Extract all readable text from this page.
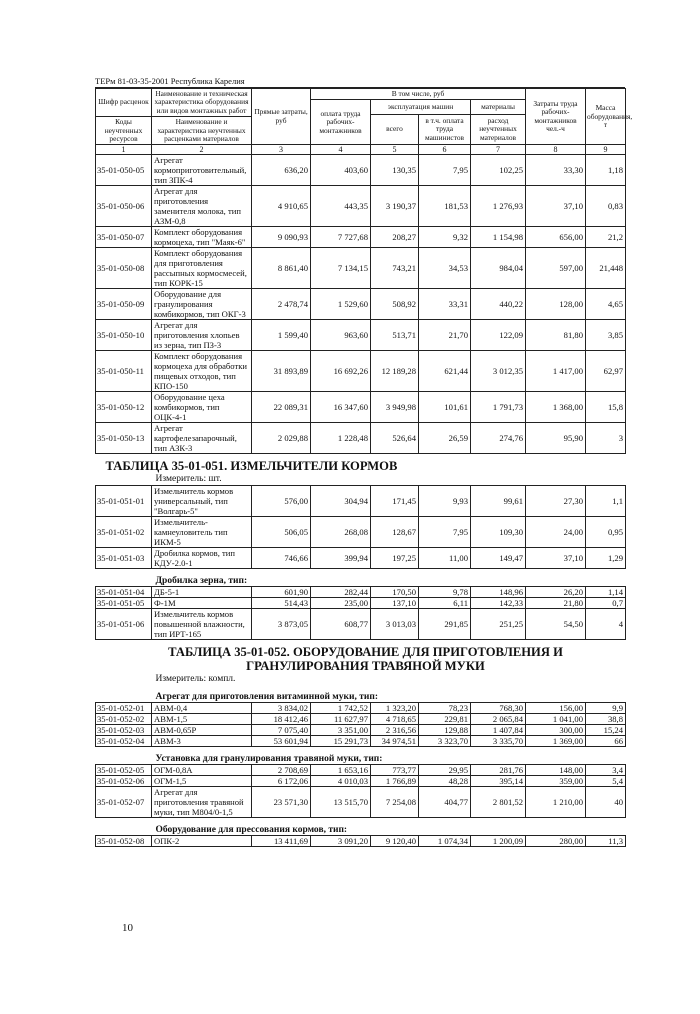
ТЕРм 81-03-35-2001 Республика Карелия
Шифр расценок	Наименование и техническая характеристика оборудования или видов монтажных работ	Прямые затраты, руб	В том числе, руб				Затраты труда рабочих-монтажников чел.-ч	Масса оборудования, т
			оплата труда рабочих-монтажников	эксплуатация машин		материалы		
				всего	в т.ч. оплата труда машинистов	расход неучтенных материалов		
Коды неучтенных ресурсов	Наименование и характеристика неучтенных расценками материалов							

1	2	3	4	5	6	7	8	9
35-01-050-05	Агрегат кормоприготовительный, тип ЗПК-4	636,20	403,60	130,35	7,95	102,25	33,30	1,18
35-01-050-06	Агрегат для приготовления заменителя молока, тип АЗМ-0,8	4 910,65	443,35	3 190,37	181,53	1 276,93	37,10	0,83
35-01-050-07	Комплект оборудования кормоцеха, тип "Маяк-6"	9 090,93	7 727,68	208,27	9,32	1 154,98	656,00	21,2
35-01-050-08	Комплект оборудования для приготовления рассыпных кормосмесей, тип КОРК-15	8 861,40	7 134,15	743,21	34,53	984,04	597,00	21,448
35-01-050-09	Оборудование для гранулирования комбикормов, тип ОКГ-3	2 478,74	1 529,60	508,92	33,31	440,22	128,00	4,65
35-01-050-10	Агрегат для приготовления хлопьев из зерна, тип ПЗ-3	1 599,40	963,60	513,71	21,70	122,09	81,80	3,85
35-01-050-11	Комплект оборудования кормоцеха для обработки пищевых отходов, тип КПО-150	31 893,89	16 692,26	12 189,28	621,44	3 012,35	1 417,00	62,97
35-01-050-12	Оборудование цеха комбикормов, тип ОЦК-4-1	22 089,31	16 347,60	3 949,98	101,61	1 791,73	1 368,00	15,8
35-01-050-13	Агрегат картофелезапарочный, тип АЗК-3	2 029,88	1 228,48	526,64	26,59	274,76	95,90	3
ТАБЛИЦА 35-01-051. ИЗМЕЛЬЧИТЕЛИ КОРМОВ								
Измеритель: шт.								
35-01-051-01	Измельчитель кормов универсальный, тип "Волгарь-5"	576,00	304,94	171,45	9,93	99,61	27,30	1,1
35-01-051-02	Измельчитель-камнеуловитель тип ИКМ-5	506,05	268,08	128,67	7,95	109,30	24,00	0,95
35-01-051-03	Дробилка кормов, тип КДУ-2.0-1	746,66	399,94	197,25	11,00	149,47	37,10	1,29
Дробилка зерна, тип:								
35-01-051-04	ДБ-5-1	601,90	282,44	170,50	9,78	148,96	26,20	1,14
35-01-051-05	Ф-1М	514,43	235,00	137,10	6,11	142,33	21,80	0,7
35-01-051-06	Измельчитель кормов повышенной влажности, тип ИРТ-165	3 873,05	608,77	3 013,03	291,85	251,25	54,50	4
ТАБЛИЦА 35-01-052. ОБОРУДОВАНИЕ ДЛЯ ПРИГОТОВЛЕНИЯ И ГРАНУЛИРОВАНИЯ ТРАВЯНОЙ МУКИ								
Измеритель: компл.								
Агрегат для приготовления витаминной муки, тип:								
35-01-052-01	АВМ-0,4	3 834,02	1 742,52	1 323,20	78,23	768,30	156,00	9,9
35-01-052-02	АВМ-1,5	18 412,46	11 627,97	4 718,65	229,81	2 065,84	1 041,00	38,8
35-01-052-03	АВМ-0,65Р	7 075,40	3 351,00	2 316,56	129,88	1 407,84	300,00	15,24
35-01-052-04	АВМ-3	53 601,94	15 291,73	34 974,51	3 323,70	3 335,70	1 369,00	66
Установка для гранулирования травяной муки, тип:								
35-01-052-05	ОГМ-0,8А	2 708,69	1 653,16	773,77	29,95	281,76	148,00	3,4
35-01-052-06	ОГМ-1,5	6 172,06	4 010,03	1 766,89	48,28	395,14	359,00	5,4
35-01-052-07	Агрегат для приготовления травяной муки, тип М804/0-1,5	23 571,30	13 515,70	7 254,08	404,77	2 801,52	1 210,00	40
Оборудование для прессования кормов, тип:								
35-01-052-08	ОПК-2	13 411,69	3 091,20	9 120,40	1 074,34	1 200,09	280,00	11,3
10
